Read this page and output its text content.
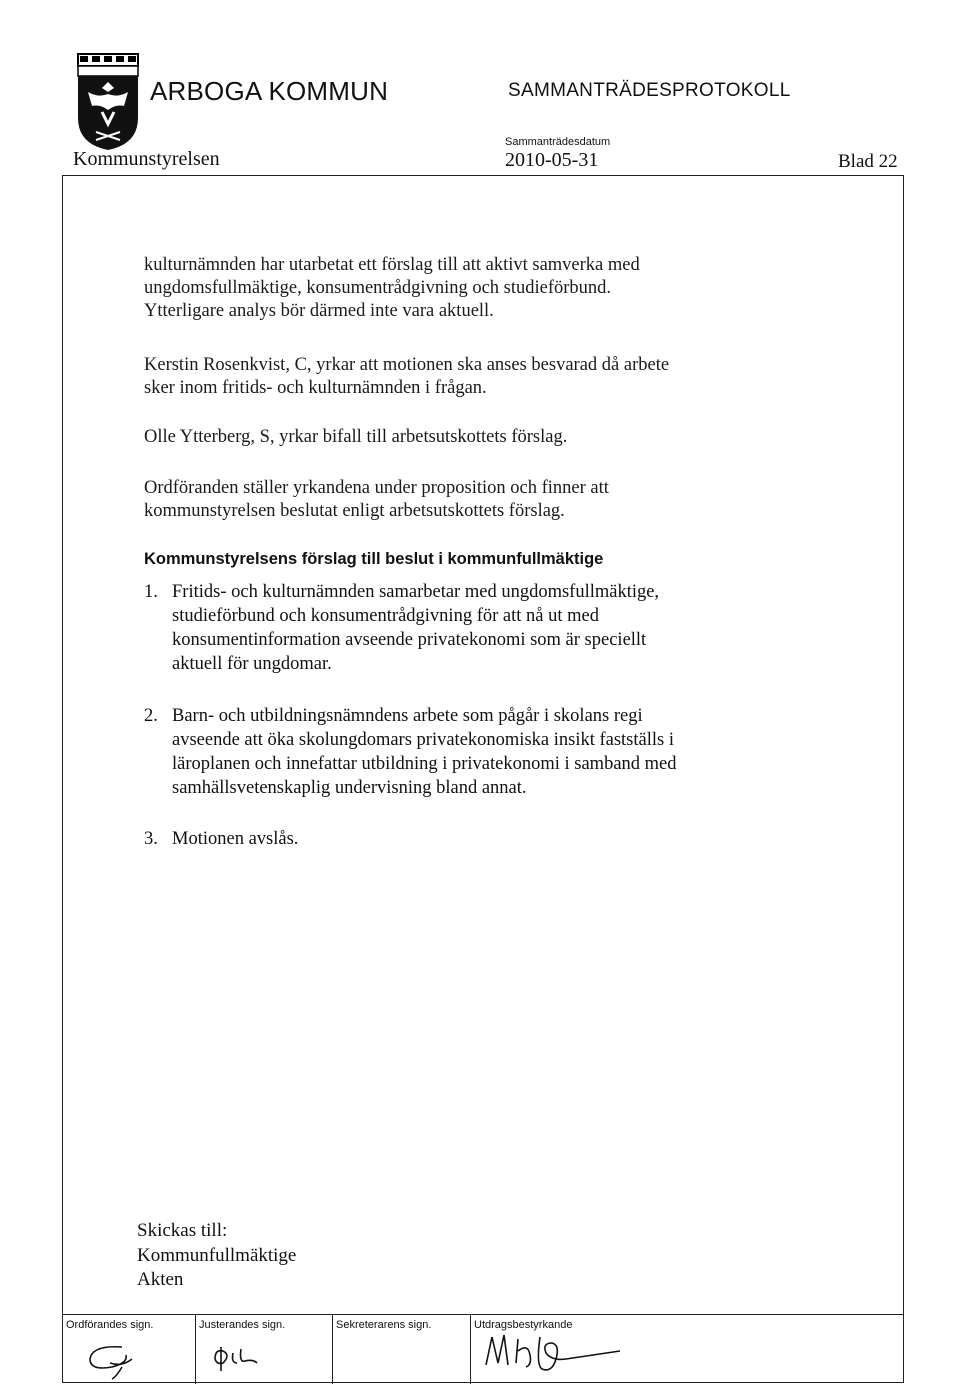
ARBOGA KOMMUN	SAMMANTRÄDESPROTOKOLL
Kommunstyrelsen
Sammanträdesdatum
2010-05-31	Blad 22
kulturnämnden har utarbetat ett förslag till att aktivt samverka med
ungdomsfullmäktige, konsumentrådgivning och studieförbund.
Ytterligare analys bör därmed inte vara aktuell.
Kerstin Rosenkvist, C, yrkar att motionen ska anses besvarad då arbete
sker inom fritids- och kulturnämnden i frågan.
Olle Ytterberg, S, yrkar bifall till arbetsutskottets förslag.
Ordföranden ställer yrkandena under proposition och finner att
kommunstyrelsen beslutat enligt arbetsutskottets förslag.
Kommunstyrelsens förslag till beslut i kommunfullmäktige
1. Fritids- och kulturnämnden samarbetar med ungdomsfullmäktige,
studieförbund och konsumentrådgivning för att nå ut med
konsumentinformation avseende privatekonomi som är speciellt
aktuell för ungdomar.
2. Barn- och utbildningsnämndens arbete som pågår i skolans regi
avseende att öka skolungdomars privatekonomiska insikt fastställs i
läroplanen och innefattar utbildning i privatekonomi i samband med
samhällsvetenskaplig undervisning bland annat.
3. Motionen avslås.
Skickas till:
Kommunfullmäktige
Akten
Ordförandes sign.	Justerandes sign.	Sekreterarens sign.	Utdragsbestyrkande
